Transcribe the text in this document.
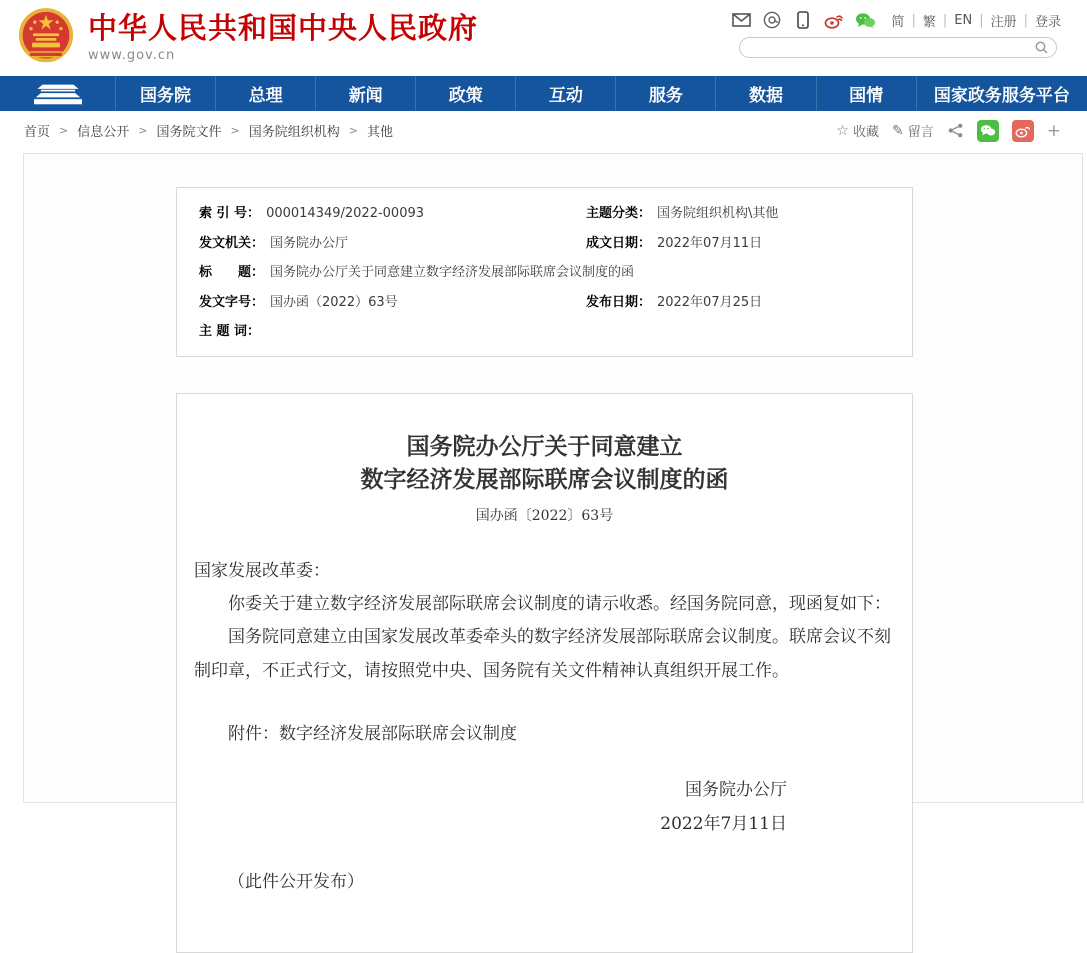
中华人民共和国中央人民政府
www.gov.cn
简 | 繁 | EN | 注册 | 登录
国务院	总理	新闻	政策	互动	服务	数据	国情	国家政务服务平台
首页 > 信息公开 > 国务院文件 > 国务院组织机构 > 其他	☆ 收藏 ✎ 留言	+
索 引 号： 000014349/2022-00093	主题分类： 国务院组织机构\其他
发文机关： 国务院办公厅	成文日期： 2022年07月11日
标　　题： 国务院办公厅关于同意建立数字经济发展部际联席会议制度的函
发文字号： 国办函（2022）63号	发布日期： 2022年07月25日
主 题 词：
国务院办公厅关于同意建立
数字经济发展部际联席会议制度的函
国办函〔2022〕63号

国家发展改革委：

你委关于建立数字经济发展部际联席会议制度的请示收悉。经国务院同意，现函复如下：

国务院同意建立由国家发展改革委牵头的数字经济发展部际联席会议制度。联席会议不刻制印章，不正式行文，请按照党中央、国务院有关文件精神认真组织开展工作。

附件：数字经济发展部际联席会议制度

国务院办公厅
2022年7月11日
（此件公开发布）
